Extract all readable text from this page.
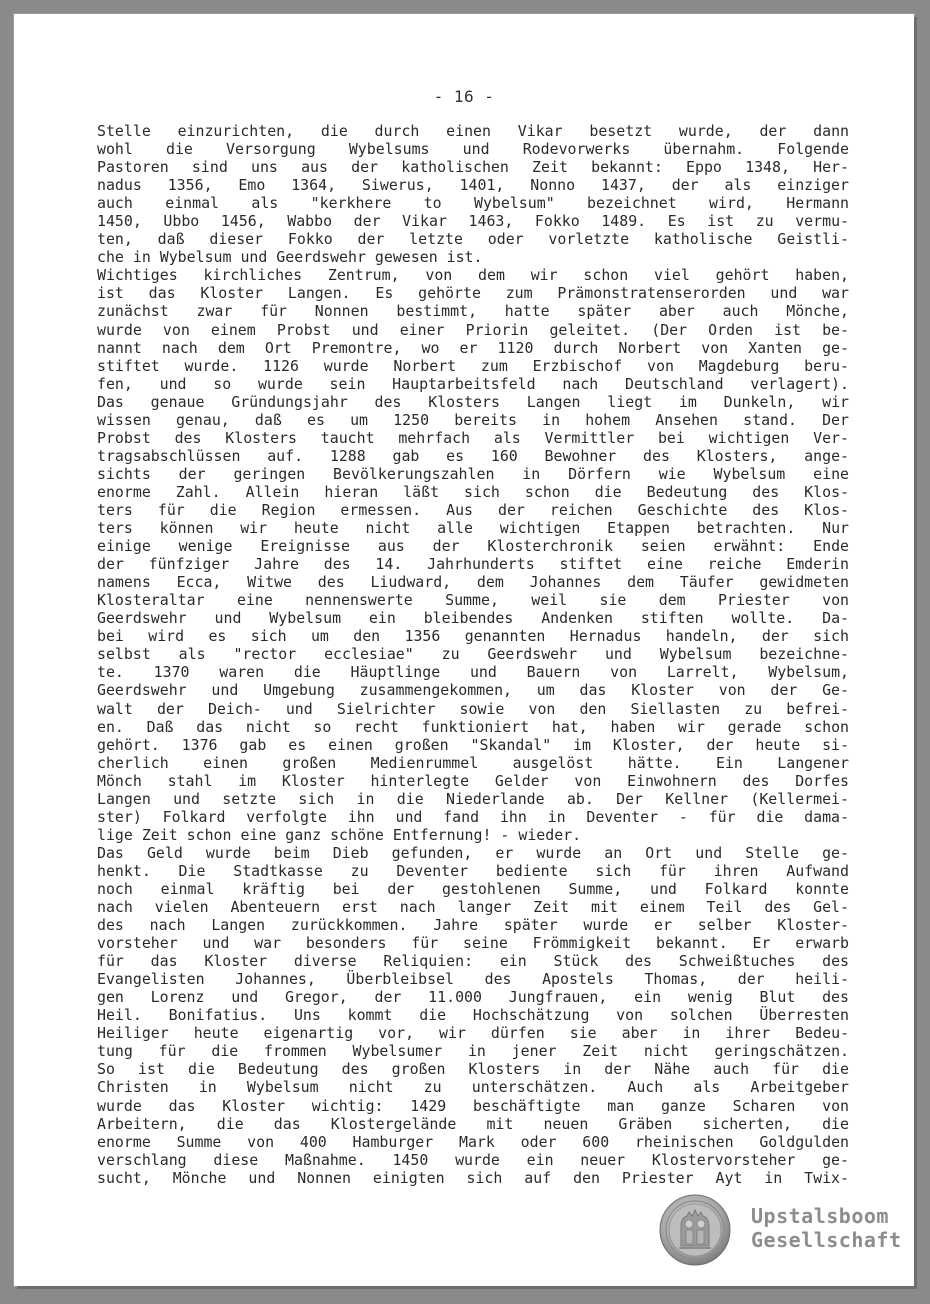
- 16 -
Stelle einzurichten, die durch einen Vikar besetzt wurde, der dann
wohl die Versorgung Wybelsums und Rodevorwerks übernahm. Folgende
Pastoren sind uns aus der katholischen Zeit bekannt: Eppo 1348, Her-
nadus 1356, Emo 1364, Siwerus, 1401, Nonno 1437, der als einziger
auch einmal als "kerkhere to Wybelsum" bezeichnet wird, Hermann
1450, Ubbo 1456, Wabbo der Vikar 1463, Fokko 1489. Es ist zu vermu-
ten, daß dieser Fokko der letzte oder vorletzte katholische Geistli-
che in Wybelsum und Geerdswehr gewesen ist.
Wichtiges kirchliches Zentrum, von dem wir schon viel gehört haben,
ist das Kloster Langen. Es gehörte zum Prämonstratenserorden und war
zunächst zwar für Nonnen bestimmt, hatte später aber auch Mönche,
wurde von einem Probst und einer Priorin geleitet. (Der Orden ist be-
nannt nach dem Ort Premontre, wo er 1120 durch Norbert von Xanten ge-
stiftet wurde. 1126 wurde Norbert zum Erzbischof von Magdeburg beru-
fen, und so wurde sein Hauptarbeitsfeld nach Deutschland verlagert).
Das genaue Gründungsjahr des Klosters Langen liegt im Dunkeln, wir
wissen genau, daß es um 1250 bereits in hohem Ansehen stand. Der
Probst des Klosters taucht mehrfach als Vermittler bei wichtigen Ver-
tragsabschlüssen auf. 1288 gab es 160 Bewohner des Klosters, ange-
sichts der geringen Bevölkerungszahlen in Dörfern wie Wybelsum eine
enorme Zahl. Allein hieran läßt sich schon die Bedeutung des Klos-
ters für die Region ermessen. Aus der reichen Geschichte des Klos-
ters können wir heute nicht alle wichtigen Etappen betrachten. Nur
einige wenige Ereignisse aus der Klosterchronik seien erwähnt: Ende
der fünfziger Jahre des 14. Jahrhunderts stiftet eine reiche Emderin
namens Ecca, Witwe des Liudward, dem Johannes dem Täufer gewidmeten
Klosteraltar eine nennenswerte Summe, weil sie dem Priester von
Geerdswehr und Wybelsum ein bleibendes Andenken stiften wollte. Da-
bei wird es sich um den 1356 genannten Hernadus handeln, der sich
selbst als "rector ecclesiae" zu Geerdswehr und Wybelsum bezeichne-
te. 1370 waren die Häuptlinge und Bauern von Larrelt, Wybelsum,
Geerdswehr und Umgebung zusammengekommen, um das Kloster von der Ge-
walt der Deich- und Sielrichter sowie von den Siellasten zu befrei-
en. Daß das nicht so recht funktioniert hat, haben wir gerade schon
gehört. 1376 gab es einen großen "Skandal" im Kloster, der heute si-
cherlich einen großen Medienrummel ausgelöst hätte. Ein Langener
Mönch stahl im Kloster hinterlegte Gelder von Einwohnern des Dorfes
Langen und setzte sich in die Niederlande ab. Der Kellner (Kellermei-
ster) Folkard verfolgte ihn und fand ihn in Deventer - für die dama-
lige Zeit schon eine ganz schöne Entfernung! - wieder.
Das Geld wurde beim Dieb gefunden, er wurde an Ort und Stelle ge-
henkt. Die Stadtkasse zu Deventer bediente sich für ihren Aufwand
noch einmal kräftig bei der gestohlenen Summe, und Folkard konnte
nach vielen Abenteuern erst nach langer Zeit mit einem Teil des Gel-
des nach Langen zurückkommen. Jahre später wurde er selber Kloster-
vorsteher und war besonders für seine Frömmigkeit bekannt. Er erwarb
für das Kloster diverse Reliquien: ein Stück des Schweißtuches des
Evangelisten Johannes, Überbleibsel des Apostels Thomas, der heili-
gen Lorenz und Gregor, der 11.000 Jungfrauen, ein wenig Blut des
Heil. Bonifatius. Uns kommt die Hochschätzung von solchen Überresten
Heiliger heute eigenartig vor, wir dürfen sie aber in ihrer Bedeu-
tung für die frommen Wybelsumer in jener Zeit nicht geringschätzen.
So ist die Bedeutung des großen Klosters in der Nähe auch für die
Christen in Wybelsum nicht zu unterschätzen. Auch als Arbeitgeber
wurde das Kloster wichtig: 1429 beschäftigte man ganze Scharen von
Arbeitern, die das Klostergelände mit neuen Gräben sicherten, die
enorme Summe von 400 Hamburger Mark oder 600 rheinischen Goldgulden
verschlang diese Maßnahme. 1450 wurde ein neuer Klostervorsteher ge-
sucht, Mönche und Nonnen einigten sich auf den Priester Ayt in Twix-
Upstalsboom
Gesellschaft
